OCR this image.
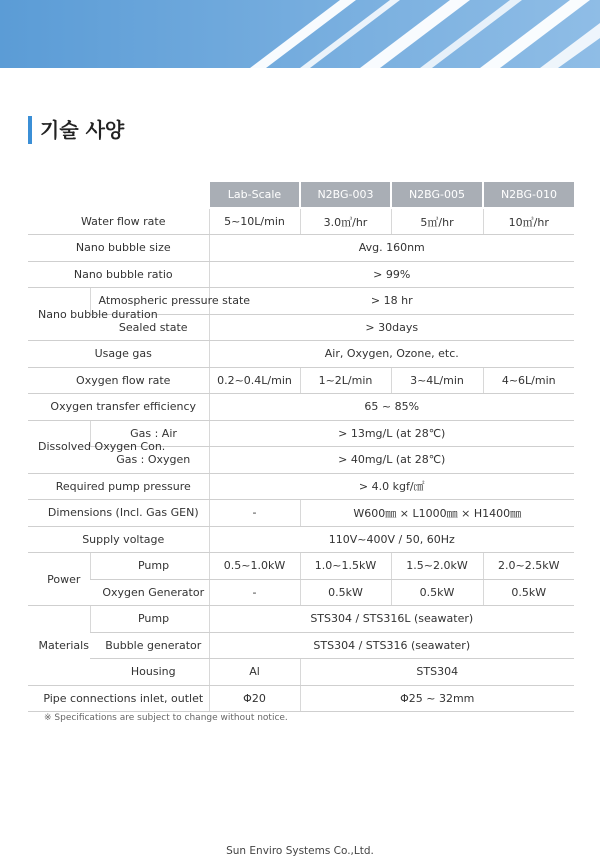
기술 사양
		Lab-Scale	N2BG-003	N2BG-005	N2BG-010
Water flow rate		5~10L/min	3.0㎥/hr	5㎥/hr	10㎥/hr
Nano bubble size		Avg. 160nm			
Nano bubble ratio		> 99%			
Nano bubble duration	Atmospheric pressure state	> 18 hr			
	Sealed state	> 30days			
Usage gas		Air, Oxygen, Ozone, etc.			
Oxygen flow rate		0.2~0.4L/min	1~2L/min	3~4L/min	4~6L/min
Oxygen transfer efficiency		65 ~ 85%			
Dissolved Oxygen Con.	Gas : Air	> 13mg/L (at 28℃)			
	Gas : Oxygen	> 40mg/L (at 28℃)			
Required pump pressure		> 4.0 kgf/㎠			
Dimensions (Incl. Gas GEN)		-	W600㎜ × L1000㎜ × H1400㎜		
Supply voltage		110V~400V / 50, 60Hz			
Power	Pump	0.5~1.0kW	1.0~1.5kW	1.5~2.0kW	2.0~2.5kW
	Oxygen Generator	-	0.5kW	0.5kW	0.5kW
Materials	Pump	STS304 / STS316L (seawater)			
	Bubble generator	STS304 / STS316 (seawater)			
	Housing	Al	STS304		
Pipe connections inlet, outlet		Φ20	Φ25 ~ 32mm		
※ Specifications are subject to change without notice.
Sun Enviro Systems Co.,Ltd.
